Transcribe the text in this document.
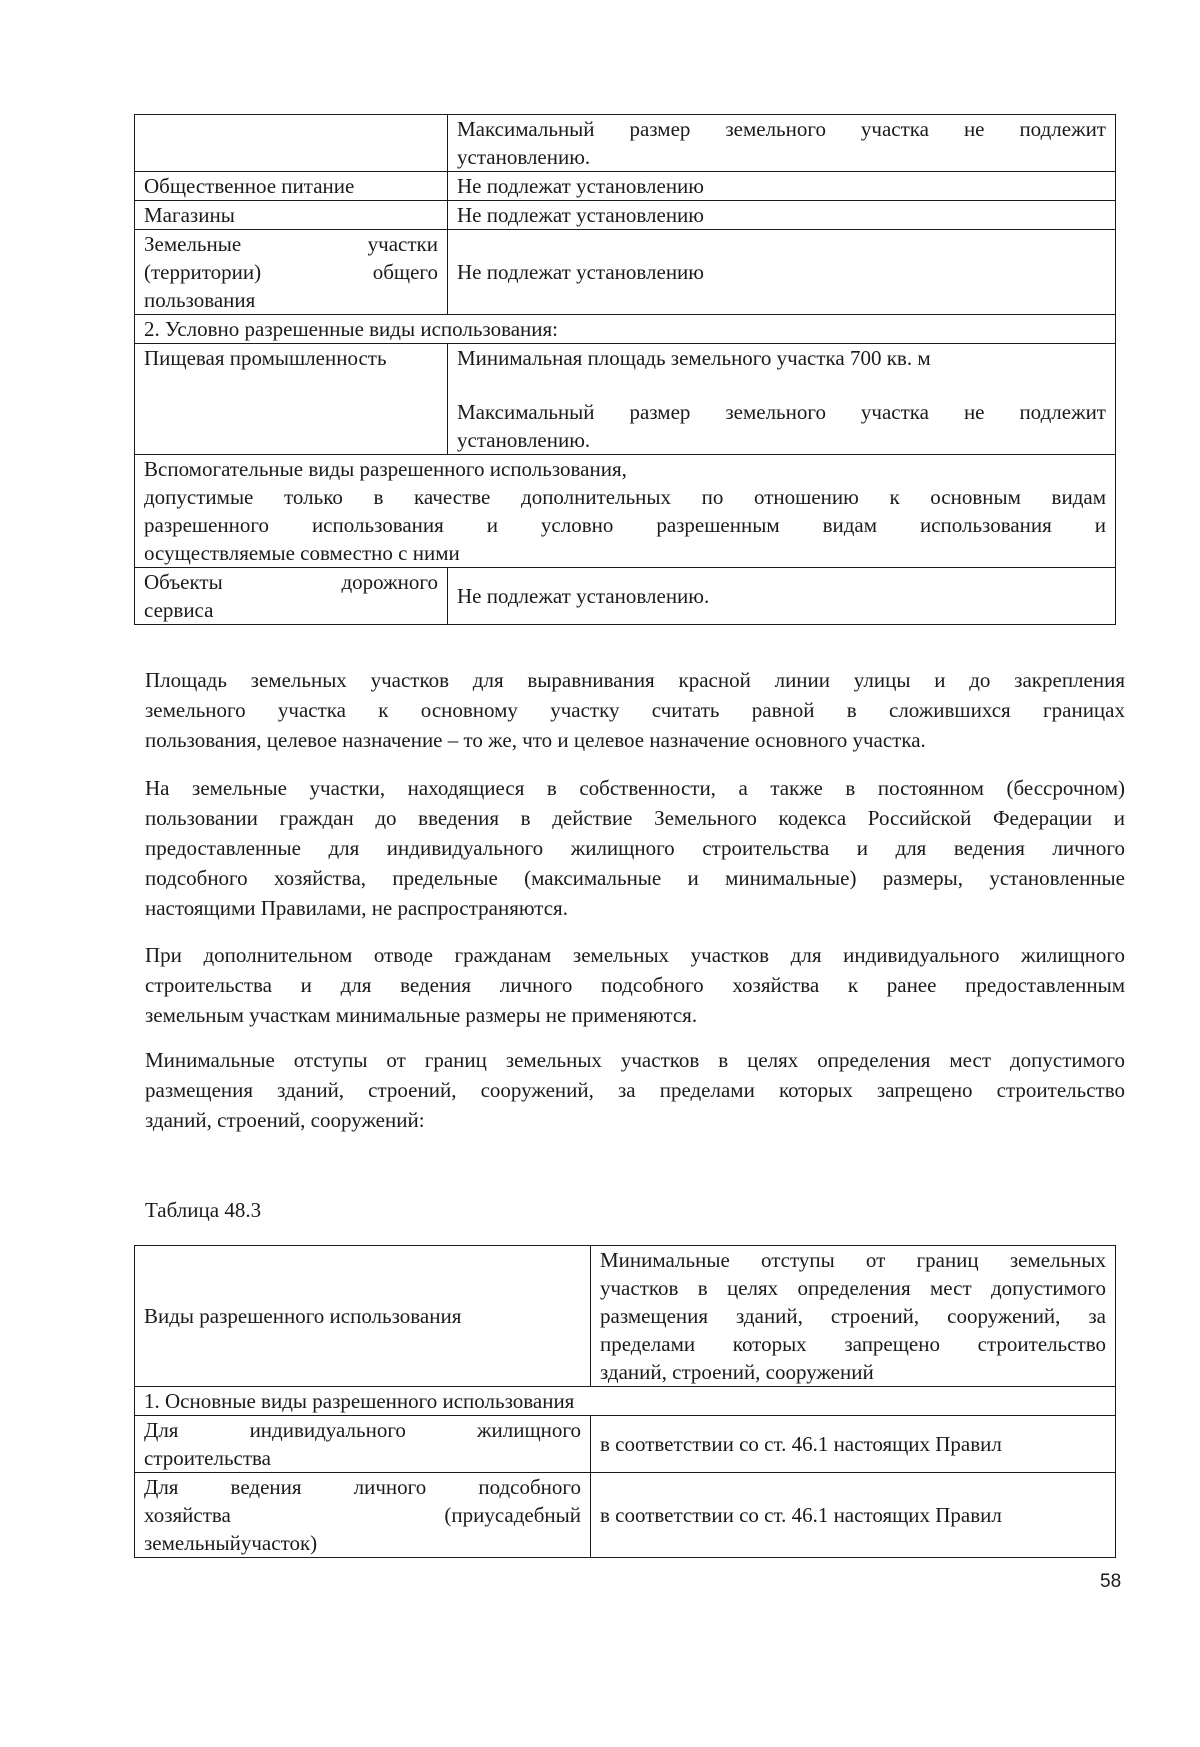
	Максимальный размер земельного участка не подлежит
установлению.

Общественное питание	Не подлежат установлению
Магазины	Не подлежат установлению

Земельные участки
(территории) общего
пользования	Не подлежат установлению
2. Условно разрешенные виды использования:	
Пищевая промышленность	Минимальная площадь земельного участка 700 кв. м
Максимальный размер земельного участка не подлежит
установлению.

Вспомогательные виды разрешенного использования,
допустимые только в качестве дополнительных по отношению к основным видам
разрешенного использования и условно разрешенным видам использования и
осуществляемые совместно с ними	

Объекты дорожного
сервиса	Не подлежат установлению.

Площадь земельных участков для выравнивания красной линии улицы и до закрепления
земельного участка к основному участку считать равной в сложившихся границах
пользования, целевое назначение – то же, что и целевое назначение основного участка.

На земельные участки, находящиеся в собственности, а также в постоянном (бессрочном)
пользовании граждан до введения в действие Земельного кодекса Российской Федерации и
предоставленные для индивидуального жилищного строительства и для ведения личного
подсобного хозяйства, предельные (максимальные и минимальные) размеры, установленные
настоящими Правилами, не распространяются.

При дополнительном отводе гражданам земельных участков для индивидуального жилищного
строительства и для ведения личного подсобного хозяйства к ранее предоставленным
земельным участкам минимальные размеры не применяются.

Минимальные отступы от границ земельных участков в целях определения мест допустимого
размещения зданий, строений, сооружений, за пределами которых запрещено строительство
зданий, строений, сооружений:

Таблица 48.3

Виды разрешенного использования	Минимальные отступы от границ земельных
участков в целях определения мест допустимого
размещения зданий, строений, сооружений, за
пределами которых запрещено строительство
зданий, строений, сооружений

1. Основные виды разрешенного использования	

Для индивидуального жилищного
строительства	в соответствии со ст. 46.1 настоящих Правил

Для ведения личного подсобного
хозяйства (приусадебный
земельныйучасток)	в соответствии со ст. 46.1 настоящих Правил
58
